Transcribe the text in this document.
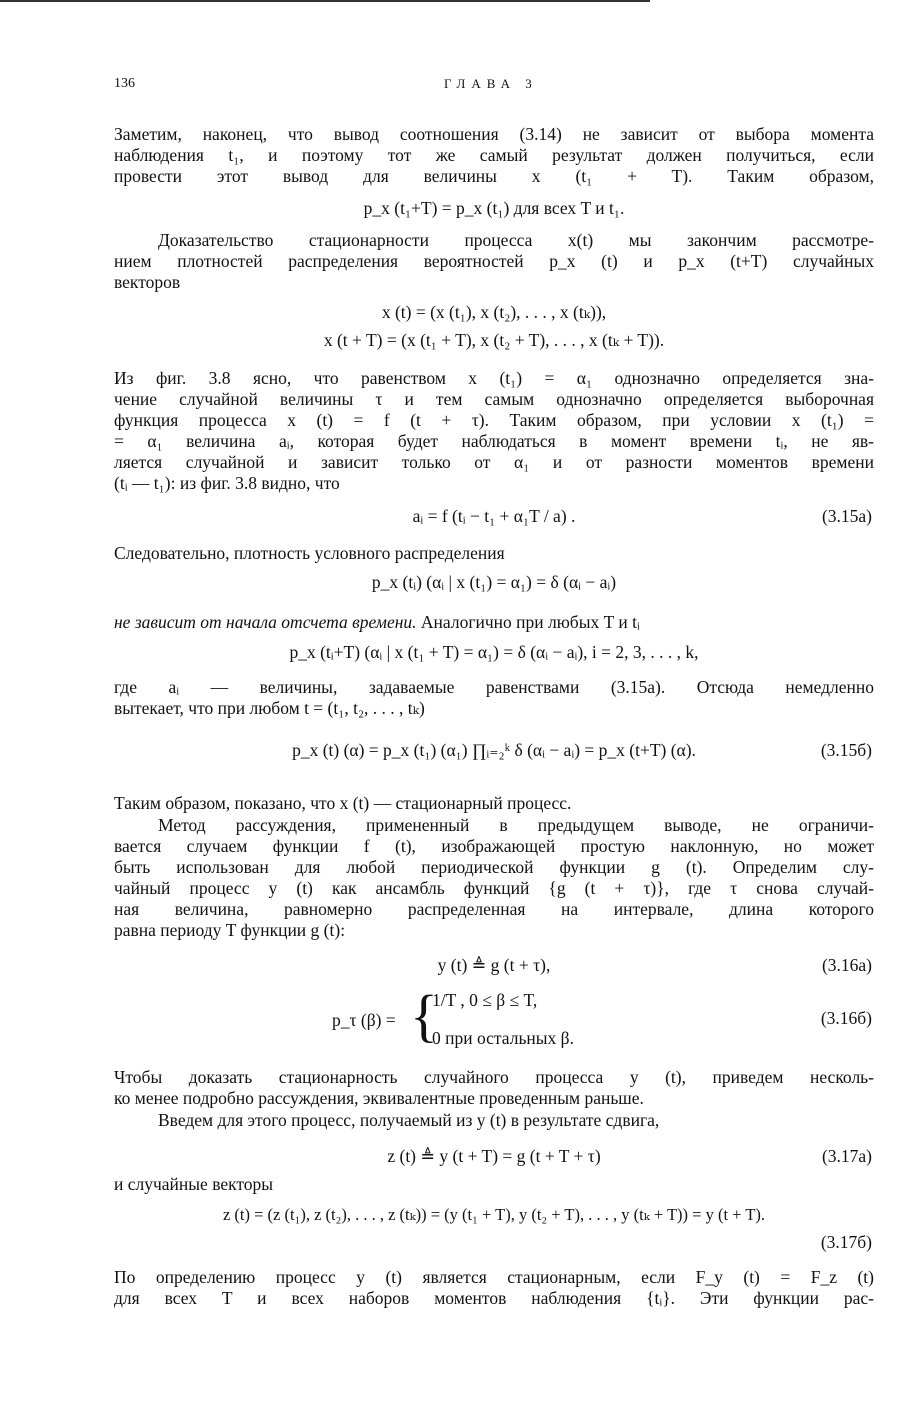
136	ГЛАВА 3
Заметим, наконец, что вывод соотношения (3.14) не зависит от выбора момента
наблюдения t₁, и поэтому тот же самый результат должен получиться, если
провести этот вывод для величины x (t₁ + T). Таким образом,
p_x (t₁+T) = p_x (t₁) для всех T и t₁.
Доказательство стационарности процесса x(t) мы закончим рассмотре-
нием плотностей распределения вероятностей p_x (t) и p_x (t+T) случайных
векторов
x (t) = (x (t₁), x (t₂), . . . , x (tₖ)),
x (t + T) = (x (t₁ + T), x (t₂ + T), . . . , x (tₖ + T)).
Из фиг. 3.8 ясно, что равенством x (t₁) = α₁ однозначно определяется зна-
чение случайной величины τ и тем самым однозначно определяется выборочная
функция процесса x (t) = f (t + τ). Таким образом, при условии x (t₁) =
= α₁ величина aᵢ, которая будет наблюдаться в момент времени tᵢ, не яв-
ляется случайной и зависит только от α₁ и от разности моментов времени
(tᵢ — t₁): из фиг. 3.8 видно, что
aᵢ = f (tᵢ − t₁ + α₁T / a) .	(3.15а)
Следовательно, плотность условного распределения
p_x (tᵢ) (αᵢ | x (t₁) = α₁) = δ (αᵢ − aᵢ)
не зависит от начала отсчета времени. Аналогично при любых T и tᵢ
p_x (tᵢ+T) (αᵢ | x (t₁ + T) = α₁) = δ (αᵢ − aᵢ), i = 2, 3, . . . , k,
где aᵢ — величины, задаваемые равенствами (3.15а). Отсюда немедленно
вытекает, что при любом t = (t₁, t₂, . . . , tₖ)
p_x (t) (α) = p_x (t₁) (α₁) ∏ᵢ₌₂ᵏ δ (αᵢ − aᵢ) = p_x (t+T) (α).	(3.15б)
Таким образом, показано, что x (t) — стационарный процесс.
Метод рассуждения, примененный в предыдущем выводе, не ограничи-
вается случаем функции f (t), изображающей простую наклонную, но может
быть использован для любой периодической функции g (t). Определим слу-
чайный процесс y (t) как ансамбль функций {g (t + τ)}, где τ снова случай-
ная величина, равномерно распределенная на интервале, длина которого
равна периоду T функции g (t):
y (t) ≜ g (t + τ),	(3.16а)
p_τ (β) = {
1/T , 0 ≤ β ≤ T,
0 при остальных β.
(3.16б)
Чтобы доказать стационарность случайного процесса y (t), приведем несколь-
ко менее подробно рассуждения, эквивалентные проведенным раньше.
Введем для этого процесс, получаемый из y (t) в результате сдвига,
z (t) ≜ y (t + T) = g (t + T + τ)	(3.17а)
и случайные векторы
z (t) = (z (t₁), z (t₂), . . . , z (tₖ)) = (y (t₁ + T), y (t₂ + T), . . . , y (tₖ + T)) = y (t + T).
(3.17б)
По определению процесс y (t) является стационарным, если F_y (t) = F_z (t)
для всех T и всех наборов моментов наблюдения {tᵢ}. Эти функции рас-
